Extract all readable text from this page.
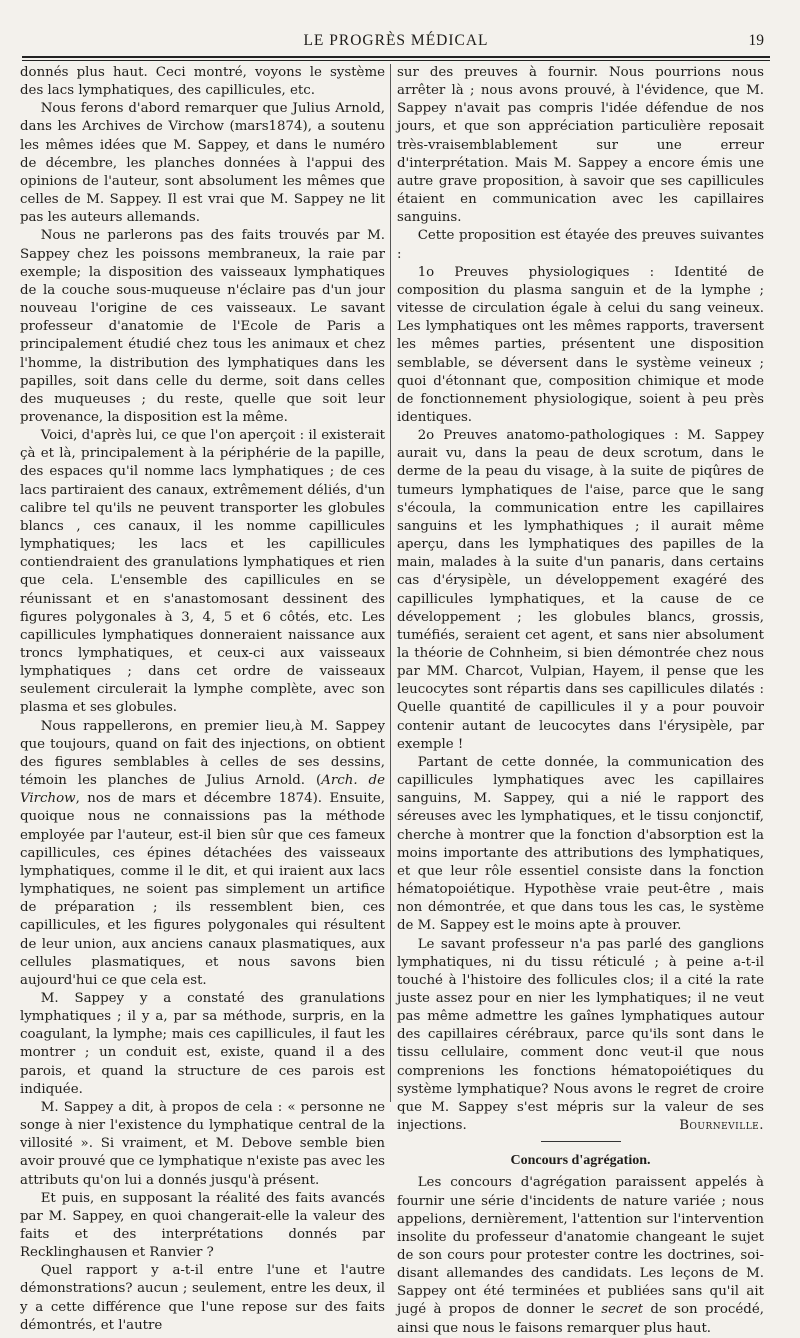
LE PROGRÈS MÉDICAL	19

donnés plus haut. Ceci montré, voyons le système des lacs lymphatiques, des capillicules, etc.

Nous ferons d'abord remarquer que Julius Arnold, dans les Archives de Virchow (mars1874), a soutenu les mêmes idées que M. Sappey, et dans le numéro de décembre, les planches données à l'appui des opinions de l'auteur, sont absolument les mêmes que celles de M. Sappey. Il est vrai que M. Sappey ne lit pas les auteurs allemands.

Nous ne parlerons pas des faits trouvés par M. Sappey chez les poissons membraneux, la raie par exemple; la disposition des vaisseaux lymphatiques de la couche sous-muqueuse n'éclaire pas d'un jour nouveau l'origine de ces vaisseaux. Le savant professeur d'anatomie de l'Ecole de Paris a principalement étudié chez tous les animaux et chez l'homme, la distribution des lymphatiques dans les papilles, soit dans celle du derme, soit dans celles des muqueuses ; du reste, quelle que soit leur provenance, la disposition est la même.

Voici, d'après lui, ce que l'on aperçoit : il existerait çà et là, principalement à la périphérie de la papille, des espaces qu'il nomme lacs lymphatiques ; de ces lacs partiraient des canaux, extrêmement déliés, d'un calibre tel qu'ils ne peuvent transporter les globules blancs , ces canaux, il les nomme capillicules lymphatiques; les lacs et les capillicules contiendraient des granulations lymphatiques et rien que cela. L'ensemble des capillicules en se réunissant et en s'anastomosant dessinent des figures polygonales à 3, 4, 5 et 6 côtés, etc. Les capillicules lymphatiques donneraient naissance aux troncs lymphatiques, et ceux-ci aux vaisseaux lymphatiques ; dans cet ordre de vaisseaux seulement circulerait la lymphe complète, avec son plasma et ses globules.

Nous rappellerons, en premier lieu,à M. Sappey que toujours, quand on fait des injections, on obtient des figures semblables à celles de ses dessins, témoin les planches de Julius Arnold. (Arch. de Virchow, nos de mars et décembre 1874). Ensuite, quoique nous ne connaissions pas la méthode employée par l'auteur, est-il bien sûr que ces fameux capillicules, ces épines détachées des vaisseaux lymphatiques, comme il le dit, et qui iraient aux lacs lymphatiques, ne soient pas simplement un artifice de préparation ; ils ressemblent bien, ces capillicules, et les figures polygonales qui résultent de leur union, aux anciens canaux plasmatiques, aux cellules plasmatiques, et nous savons bien aujourd'hui ce que cela est.

M. Sappey y a constaté des granulations lymphatiques ; il y a, par sa méthode, surpris, en la coagulant, la lymphe; mais ces capillicules, il faut les montrer ; un conduit est, existe, quand il a des parois, et quand la structure de ces parois est indiquée.

M. Sappey a dit, à propos de cela : « personne ne songe à nier l'existence du lymphatique central de la villosité ». Si vraiment, et M. Debove semble bien avoir prouvé que ce lymphatique n'existe pas avec les attributs qu'on lui a donnés jusqu'à présent.

Et puis, en supposant la réalité des faits avancés par M. Sappey, en quoi changerait-elle la valeur des faits et des interprétations donnés par Recklinghausen et Ranvier ?

Quel rapport y a-t-il entre l'une et l'autre démonstrations? aucun ; seulement, entre les deux, il y a cette différence que l'une repose sur des faits démontrés, et l'autre

sur des preuves à fournir. Nous pourrions nous arrêter là ; nous avons prouvé, à l'évidence, que M. Sappey n'avait pas compris l'idée défendue de nos jours, et que son appréciation particulière reposait très-vraisemblablement sur une erreur d'interprétation. Mais M. Sappey a encore émis une autre grave proposition, à savoir que ses capillicules étaient en communication avec les capillaires sanguins.

Cette proposition est étayée des preuves suivantes :

1o Preuves physiologiques : Identité de composition du plasma sanguin et de la lymphe ; vitesse de circulation égale à celui du sang veineux. Les lymphatiques ont les mêmes rapports, traversent les mêmes parties, présentent une disposition semblable, se déversent dans le système veineux ; quoi d'étonnant que, composition chimique et mode de fonctionnement physiologique, soient à peu près identiques.

2o Preuves anatomo-pathologiques : M. Sappey aurait vu, dans la peau de deux scrotum, dans le derme de la peau du visage, à la suite de piqûres de tumeurs lymphatiques de l'aise, parce que le sang s'écoula, la communication entre les capillaires sanguins et les lymphathiques ; il aurait même aperçu, dans les lymphatiques des papilles de la main, malades à la suite d'un panaris, dans certains cas d'érysipèle, un développement exagéré des capillicules lymphatiques, et la cause de ce développement ; les globules blancs, grossis, tuméfiés, seraient cet agent, et sans nier absolument la théorie de Cohnheim, si bien démontrée chez nous par MM. Charcot, Vulpian, Hayem, il pense que les leucocytes sont répartis dans ses capillicules dilatés : Quelle quantité de capillicules il y a pour pouvoir contenir autant de leucocytes dans l'érysipèle, par exemple !

Partant de cette donnée, la communication des capillicules lymphatiques avec les capillaires sanguins, M. Sappey, qui a nié le rapport des séreuses avec les lymphatiques, et le tissu conjonctif, cherche à montrer que la fonction d'absorption est la moins importante des attributions des lymphatiques, et que leur rôle essentiel consiste dans la fonction hématopoiétique. Hypothèse vraie peut-être , mais non démontrée, et que dans tous les cas, le système de M. Sappey est le moins apte à prouver.

Le savant professeur n'a pas parlé des ganglions lymphatiques, ni du tissu réticulé ; à peine a-t-il touché à l'histoire des follicules clos; il a cité la rate juste assez pour en nier les lymphatiques; il ne veut pas même admettre les gaînes lymphatiques autour des capillaires cérébraux, parce qu'ils sont dans le tissu cellulaire, comment donc veut-il que nous comprenions les fonctions hématopoiétiques du système lymphatique? Nous avons le regret de croire que M. Sappey s'est mépris sur la valeur de ses injections.	Bourneville.

Concours d'agrégation.

Les concours d'agrégation paraissent appelés à fournir une série d'incidents de nature variée ; nous appelions, dernièrement, l'attention sur l'intervention insolite du professeur d'anatomie changeant le sujet de son cours pour protester contre les doctrines, soi-disant allemandes des candidats. Les leçons de M. Sappey ont été terminées et publiées sans qu'il ait jugé à propos de donner le secret de son procédé, ainsi que nous le faisons remarquer plus haut.
